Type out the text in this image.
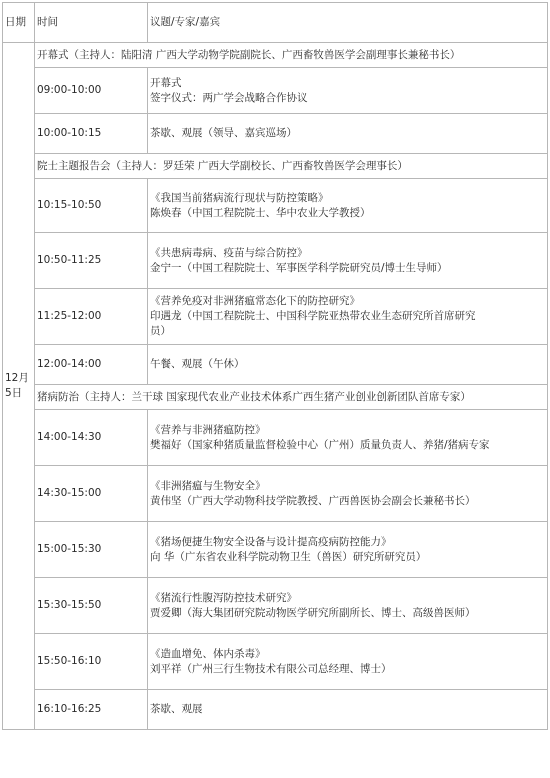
日期	时间	议题/专家/嘉宾

12月
5日	开幕式（主持人：陆阳清 广西大学动物学院副院长、广西畜牧兽医学会副理事长兼秘书长）	
	09:00-10:00	开幕式
签字仪式：两广学会战略合作协议

	10:00-10:15	茶歇、观展（领导、嘉宾巡场）

	院士主题报告会（主持人：罗廷荣 广西大学副校长、广西畜牧兽医学会理事长）	
	10:15-10:50	《我国当前猪病流行现状与防控策略》
陈焕春（中国工程院院士、华中农业大学教授）

	10:50-11:25	《共患病毒病、疫苗与综合防控》
金宁一（中国工程院院士、军事医学科学院研究员/博士生导师）

	11:25-12:00	《营养免疫对非洲猪瘟常态化下的防控研究》
印遇龙（中国工程院院士、中国科学院亚热带农业生态研究所首席研究
员）

	12:00-14:00	午餐、观展（午休）

	猪病防治（主持人：兰干球 国家现代农业产业技术体系广西生猪产业创业创新团队首席专家）	
	14:00-14:30	《营养与非洲猪瘟防控》
樊福好（国家种猪质量监督检验中心（广州）质量负责人、养猪/猪病专家

	14:30-15:00	《非洲猪瘟与生物安全》
黄伟坚（广西大学动物科技学院教授、广西兽医协会副会长兼秘书长）

	15:00-15:30	《猪场便捷生物安全设备与设计提高疫病防控能力》
向 华（广东省农业科学院动物卫生（兽医）研究所研究员）

	15:30-15:50	《猪流行性腹泻防控技术研究》
贾爱卿（海大集团研究院动物医学研究所副所长、博士、高级兽医师）

	15:50-16:10	《造血增免、体内杀毒》
刘平祥（广州三行生物技术有限公司总经理、博士）

	16:10-16:25	茶歇、观展
